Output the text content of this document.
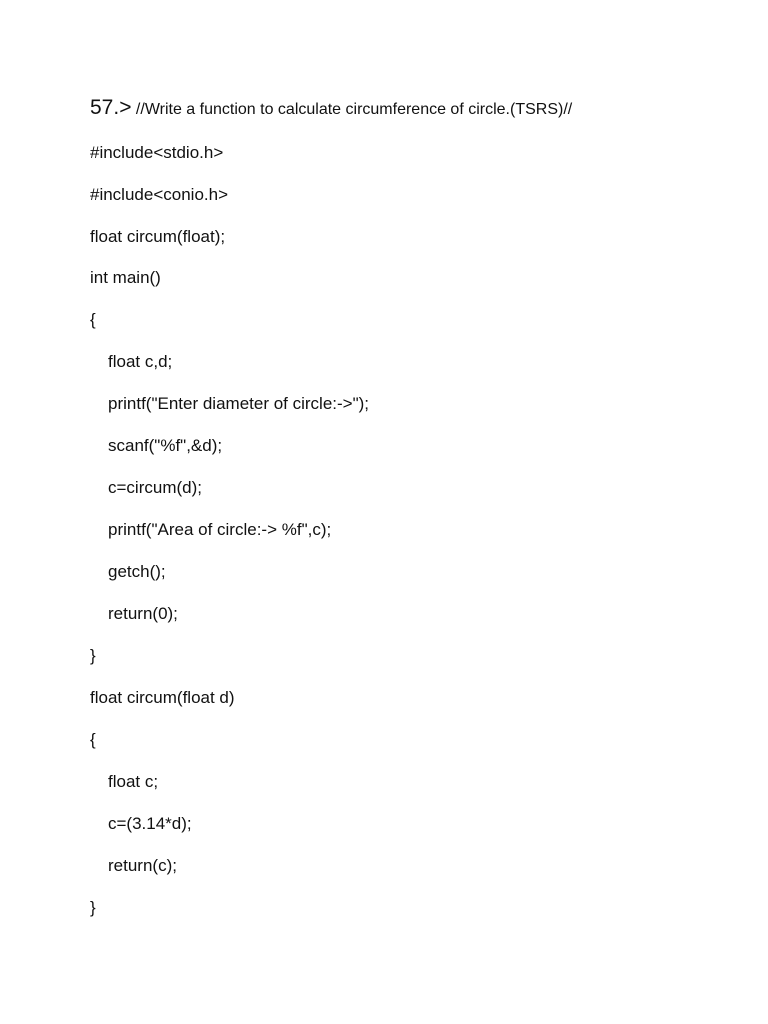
57.> //Write a function to calculate circumference of circle.(TSRS)//
#include<stdio.h>
#include<conio.h>
float circum(float);
int main()
{
float c,d;
printf("Enter diameter of circle:->");
scanf("%f",&d);
c=circum(d);
printf("Area of circle:-> %f",c);
getch();
return(0);
}
float circum(float d)
{
float c;
c=(3.14*d);
return(c);
}
